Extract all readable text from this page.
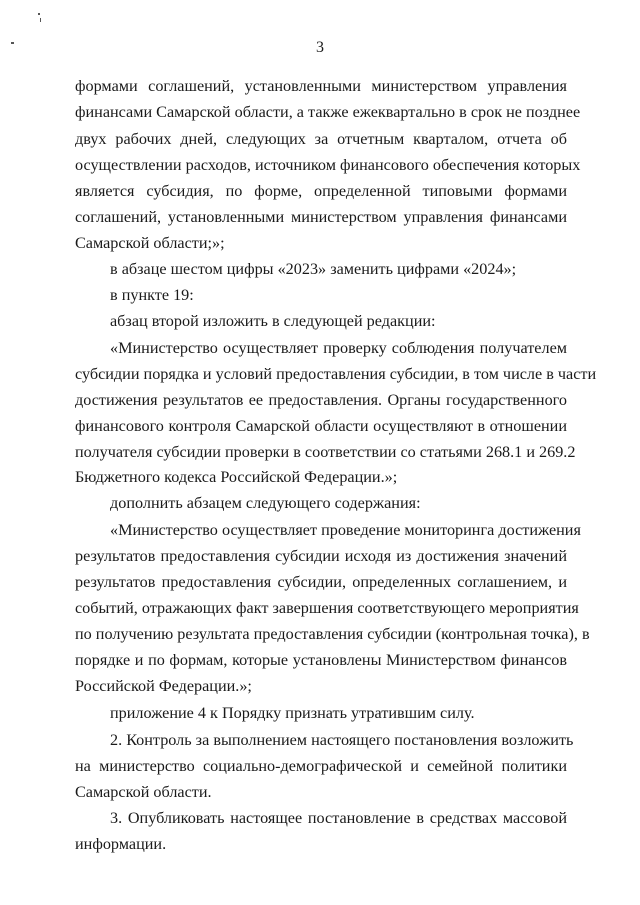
3
формами соглашений, установленными министерством управления
финансами Самарской области, а также ежеквартально в срок не позднее
двух рабочих дней, следующих за отчетным кварталом, отчета об
осуществлении расходов, источником финансового обеспечения которых
является субсидия, по форме, определенной типовыми формами
соглашений, установленными министерством управления финансами
Самарской области;»;
в абзаце шестом цифры «2023» заменить цифрами «2024»;
в пункте 19:
абзац второй изложить в следующей редакции:
«Министерство осуществляет проверку соблюдения получателем
субсидии порядка и условий предоставления субсидии, в том числе в части
достижения результатов ее предоставления. Органы государственного
финансового контроля Самарской области осуществляют в отношении
получателя субсидии проверки в соответствии со статьями 268.1 и 269.2
Бюджетного кодекса Российской Федерации.»;
дополнить абзацем следующего содержания:
«Министерство осуществляет проведение мониторинга достижения
результатов предоставления субсидии исходя из достижения значений
результатов предоставления субсидии, определенных соглашением, и
событий, отражающих факт завершения соответствующего мероприятия
по получению результата предоставления субсидии (контрольная точка), в
порядке и по формам, которые установлены Министерством финансов
Российской Федерации.»;
приложение 4 к Порядку признать утратившим силу.
2. Контроль за выполнением настоящего постановления возложить
на министерство социально-демографической и семейной политики
Самарской области.
3. Опубликовать настоящее постановление в средствах массовой
информации.
